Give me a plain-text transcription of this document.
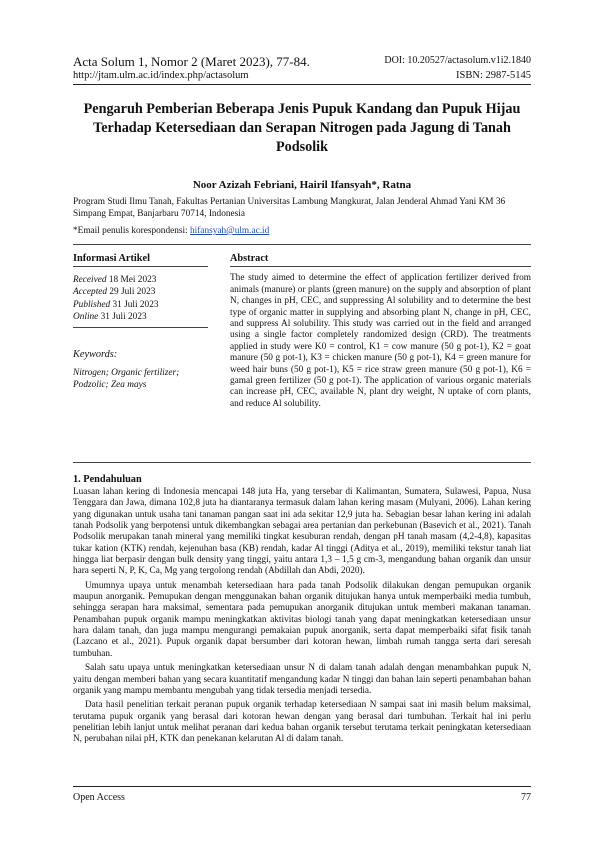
Acta Solum 1, Nomor 2 (Maret 2023), 77-84.
http://jtam.ulm.ac.id/index.php/actasolum
DOI: 10.20527/actasolum.v1i2.1840
ISBN: 2987-5145
Pengaruh Pemberian Beberapa Jenis Pupuk Kandang dan Pupuk Hijau Terhadap Ketersediaan dan Serapan Nitrogen pada Jagung di Tanah Podsolik
Noor Azizah Febriani, Hairil Ifansyah*, Ratna
Program Studi Ilmu Tanah, Fakultas Pertanian Universitas Lambung Mangkurat, Jalan Jenderal Ahmad Yani KM 36 Simpang Empat, Banjarbaru 70714, Indonesia
*Email penulis korespondensi: hifansyah@ulm.ac.id
Informasi Artikel
Received 18 Mei 2023
Accepted 29 Juli 2023
Published 31 Juli 2023
Online 31 Juli 2023
Keywords:
Nitrogen; Organic fertilizer; Podzolic; Zea mays
Abstract
The study aimed to determine the effect of application fertilizer derived from animals (manure) or plants (green manure) on the supply and absorption of plant N, changes in pH, CEC, and suppressing Al solubility and to determine the best type of organic matter in supplying and absorbing plant N, change in pH, CEC, and suppress Al solubility. This study was carried out in the field and arranged using a single factor completely randomized design (CRD). The treatments applied in study were K0 = control, K1 = cow manure (50 g pot-1), K2 = goat manure (50 g pot-1), K3 = chicken manure (50 g pot-1), K4 = green manure for weed hair buns (50 g pot-1), K5 = rice straw green manure (50 g pot-1), K6 = gamal green fertilizer (50 g pot-1). The application of various organic materials can increase pH, CEC, available N, plant dry weight, N uptake of corn plants, and reduce Al solubility.
1. Pendahuluan

Luasan lahan kering di Indonesia mencapai 148 juta Ha, yang tersebar di Kalimantan, Sumatera, Sulawesi, Papua, Nusa Tenggara dan Jawa, dimana 102,8 juta ha diantaranya termasuk dalam lahan kering masam (Mulyani, 2006). Lahan kering yang digunakan untuk usaha tani tanaman pangan saat ini ada sekitar 12,9 juta ha. Sebagian besar lahan kering ini adalah tanah Podsolik yang berpotensi untuk dikembangkan sebagai area pertanian dan perkebunan (Basevich et al., 2021). Tanah Podsolik merupakan tanah mineral yang memiliki tingkat kesuburan rendah, dengan pH tanah masam (4,2-4,8), kapasitas tukar kation (KTK) rendah, kejenuhan basa (KB) rendah, kadar Al tinggi (Aditya et al., 2019), memiliki tekstur tanah liat hingga liat berpasir dengan bulk density yang tinggi, yaitu antara 1,3 – 1,5 g cm-3, mengandung bahan organik dan unsur hara seperti N, P, K, Ca, Mg yang tergolong rendah (Abdillah dan Abdi, 2020).

Umumnya upaya untuk menambah ketersediaan hara pada tanah Podsolik dilakukan dengan pemupukan organik maupun anorganik. Pemupukan dengan menggunakan bahan organik ditujukan hanya untuk memperbaiki media tumbuh, sehingga serapan hara maksimal, sementara pada pemupukan anorganik ditujukan untuk memberi makanan tanaman. Penambahan pupuk organik mampu meningkatkan aktivitas biologi tanah yang dapat meningkatkan ketersediaan unsur hara dalam tanah, dan juga mampu mengurangi pemakaian pupuk anorganik, serta dapat memperbaiki sifat fisik tanah (Lazcano et al., 2021). Pupuk organik dapat bersumber dari kotoran hewan, limbah rumah tangga serta dari seresah tumbuhan.

Salah satu upaya untuk meningkatkan ketersediaan unsur N di dalam tanah adalah dengan menambahkan pupuk N, yaitu dengan memberi bahan yang secara kuantitatif mengandung kadar N tinggi dan bahan lain seperti penambahan bahan organik yang mampu membantu mengubah yang tidak tersedia menjadi tersedia.

Data hasil penelitian terkait peranan pupuk organik terhadap ketersediaan N sampai saat ini masih belum maksimal, terutama pupuk organik yang berasal dari kotoran hewan dengan yang berasal dari tumbuhan. Terkait hal ini perlu penelitian lebih lanjut untuk melihat peranan dari kedua bahan organik tersebut terutama terkait peningkatan ketersediaan N, perubahan nilai pH, KTK dan penekanan kelarutan Al di dalam tanah.

Open Access	77
